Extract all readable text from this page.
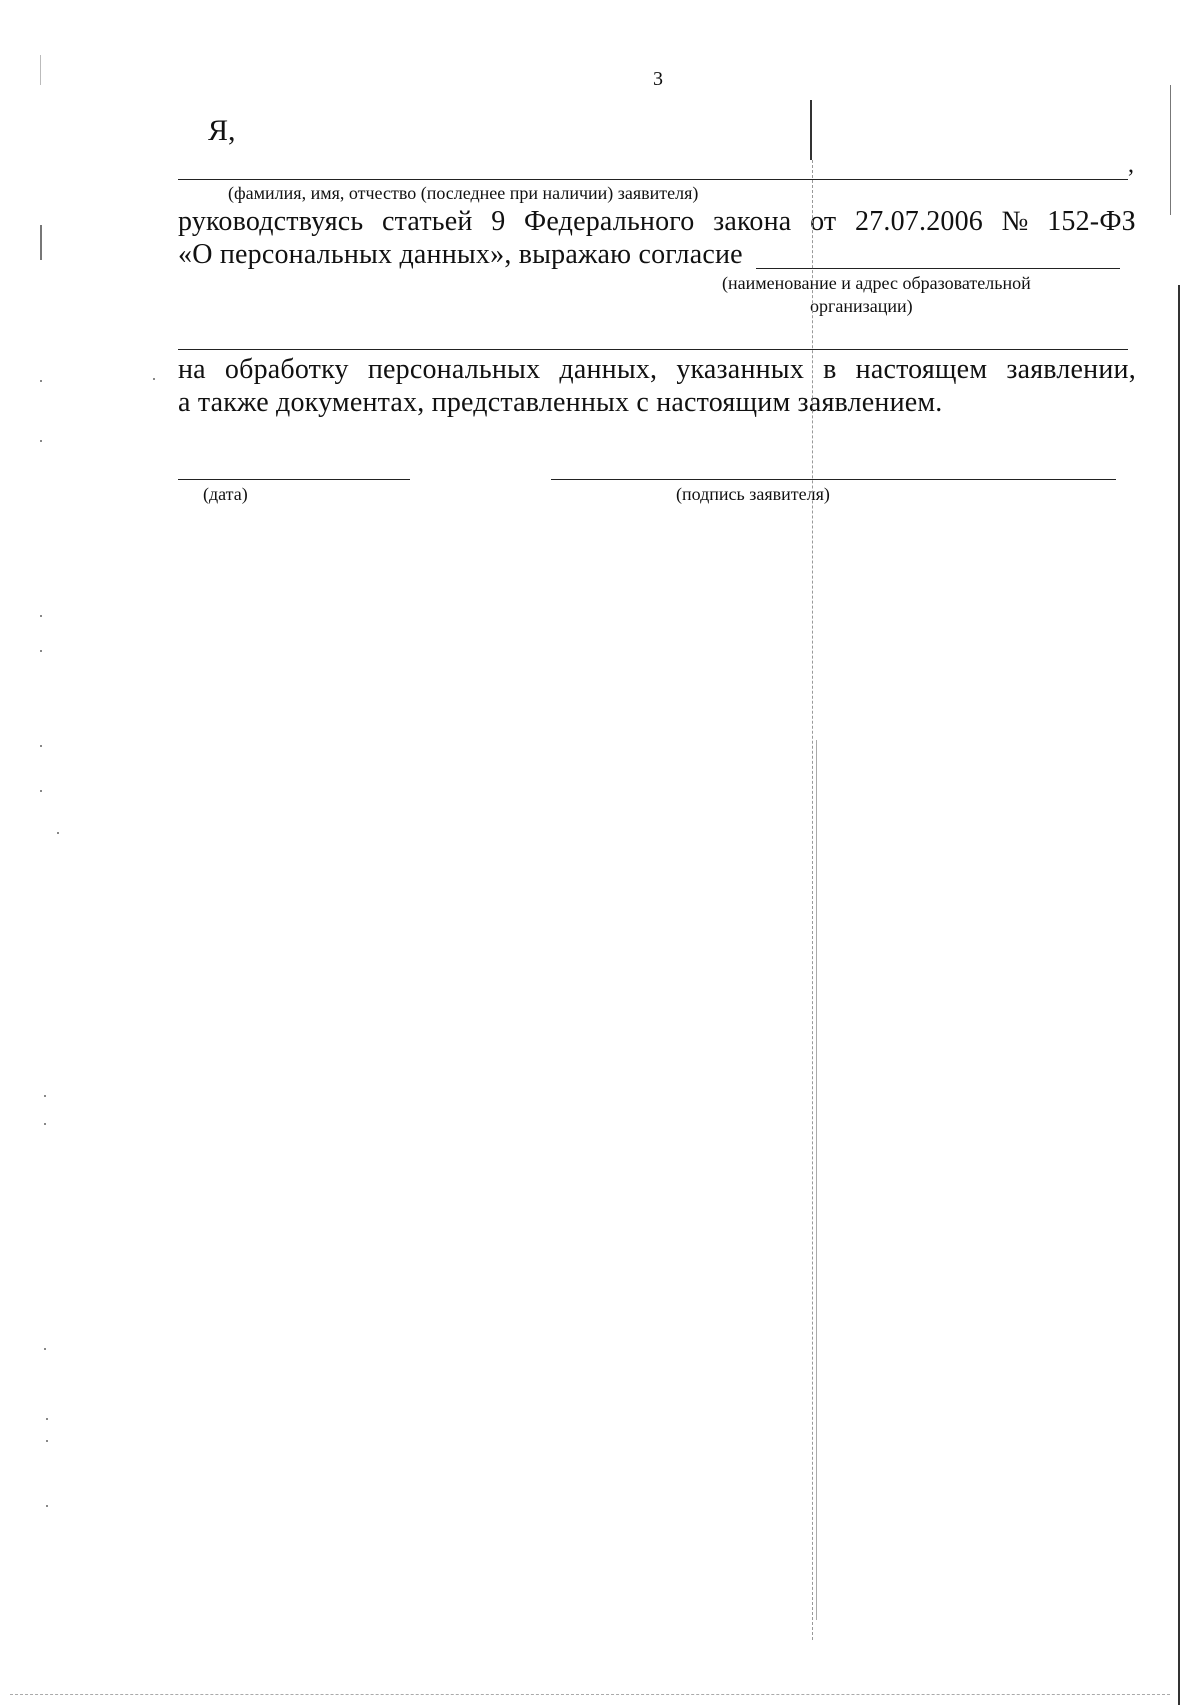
3
Я,
,
(фамилия, имя, отчество (последнее при наличии) заявителя)
руководствуясь статьей 9 Федерального закона от 27.07.2006 № 152-ФЗ
«О персональных данных», выражаю согласие
(наименование и адрес образовательной
организации)
на обработку персональных данных, указанных в настоящем заявлении,
а также документах, представленных с настоящим заявлением.
(дата)	(подпись заявителя)
